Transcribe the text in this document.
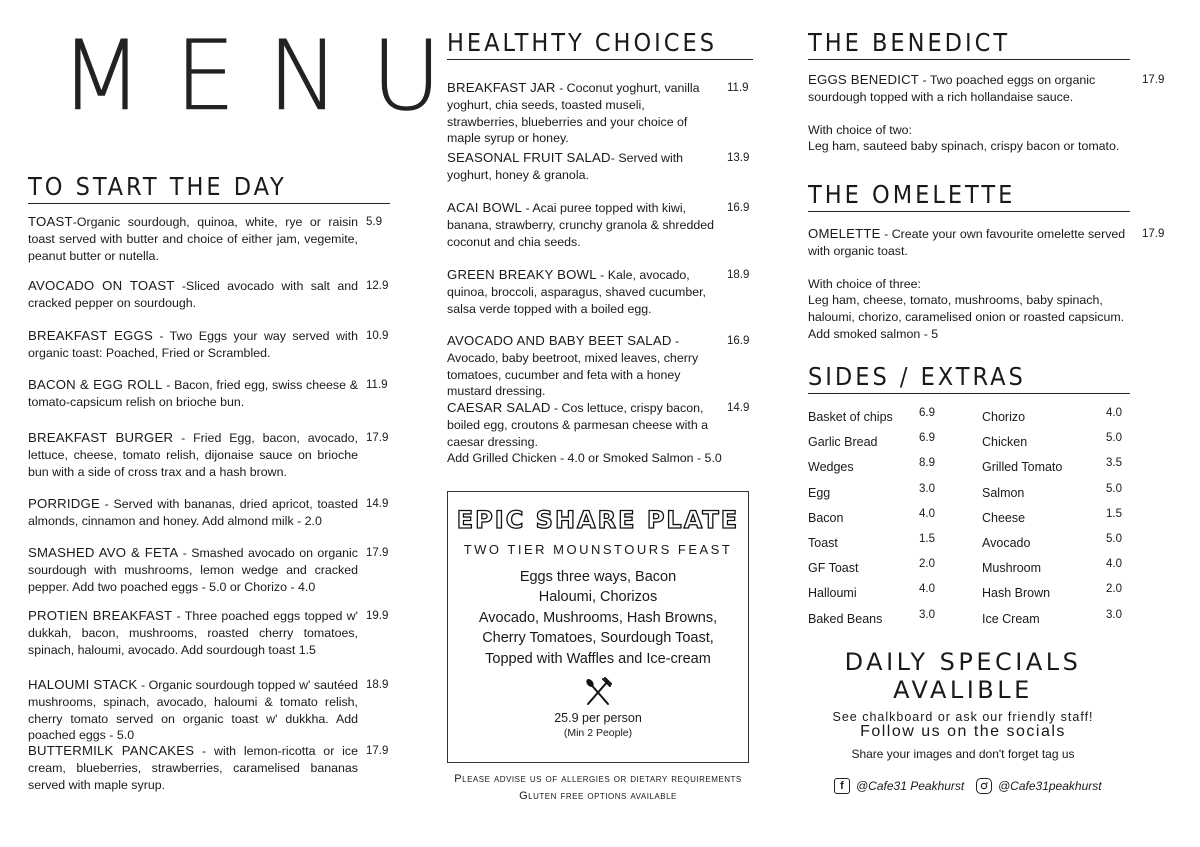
MENU
TO START THE DAY
TOAST-Organic sourdough, quinoa, white, rye or raisin toast served with butter and choice of either jam, vegemite, peanut butter or nutella.
5.9
AVOCADO ON TOAST -Sliced avocado with salt and cracked pepper on sourdough.
12.9
BREAKFAST EGGS - Two Eggs your way served with organic toast: Poached, Fried or Scrambled.
10.9
BACON & EGG ROLL - Bacon, fried egg, swiss cheese & tomato-capsicum relish on brioche bun.
11.9
BREAKFAST BURGER - Fried Egg, bacon, avocado, lettuce, cheese, tomato relish, dijonaise sauce on brioche bun with a side of cross trax and a hash brown.
17.9
PORRIDGE - Served with bananas, dried apricot, toasted almonds, cinnamon and honey. Add almond milk - 2.0
14.9
SMASHED AVO & FETA - Smashed avocado on organic sourdough with mushrooms, lemon wedge and cracked pepper. Add two poached eggs - 5.0 or Chorizo - 4.0
17.9
PROTIEN BREAKFAST - Three poached eggs topped w' dukkah, bacon, mushrooms, roasted cherry tomatoes, spinach, haloumi, avocado. Add sourdough toast 1.5
19.9
HALOUMI STACK - Organic sourdough topped w' sautéed mushrooms, spinach, avocado, haloumi & tomato relish, cherry tomato served on organic toast w' dukkha. Add poached eggs - 5.0
18.9
BUTTERMILK PANCAKES - with lemon-ricotta or ice cream, blueberries, strawberries, caramelised bananas served with maple syrup.
17.9
HEALTHTY CHOICES
BREAKFAST JAR - Coconut yoghurt, vanilla yoghurt, chia seeds, toasted museli, strawberries, blueberries and your choice of maple syrup or honey.
11.9
SEASONAL FRUIT SALAD- Served with yoghurt, honey & granola.
13.9
ACAI BOWL - Acai puree topped with kiwi, banana, strawberry, crunchy granola & shredded coconut and chia seeds.
16.9
GREEN BREAKY BOWL - Kale, avocado, quinoa, broccoli, asparagus, shaved cucumber, salsa verde topped with a boiled egg.
18.9
AVOCADO AND BABY BEET SALAD - Avocado, baby beetroot, mixed leaves, cherry tomatoes, cucumber and feta with a honey mustard dressing.
16.9
CAESAR SALAD - Cos lettuce, crispy bacon, boiled egg, croutons & parmesan cheese with a caesar dressing.
14.9
Add Grilled Chicken - 4.0 or Smoked Salmon - 5.0
EPIC SHARE PLATE
TWO TIER MOUNSTOURS FEAST
Eggs three ways, Bacon
Haloumi, Chorizos
Avocado, Mushrooms, Hash Browns,
Cherry Tomatoes, Sourdough Toast,
Topped with Waffles and Ice-cream
25.9 per person
(Min 2 People)
Please advise us of allergies or dietary requirements
Gluten free options available
THE BENEDICT
EGGS BENEDICT - Two poached eggs on organic sourdough topped with a rich hollandaise sauce.
17.9
With choice of two:
Leg ham, sauteed baby spinach, crispy bacon or tomato.
THE OMELETTE
OMELETTE - Create your own favourite omelette served with organic toast.
17.9
With choice of three:
Leg ham, cheese, tomato, mushrooms, baby spinach, haloumi, chorizo, caramelised onion or roasted capsicum.
Add smoked salmon - 5
SIDES / EXTRAS
Basket of chips 6.9
Garlic Bread	6.9
Wedges	8.9
Egg	3.0
Bacon	4.0
Toast	1.5
GF Toast	2.0
Halloumi	4.0
Baked Beans	3.0
Chorizo	4.0
Chicken	5.0
Grilled Tomato	3.5
Salmon	5.0
Cheese	1.5
Avocado	5.0
Mushroom	4.0
Hash Brown	2.0
Ice Cream	3.0
DAILY SPECIALS AVALIBLE
See chalkboard or ask our friendly staff!
Follow us on the socials
Share your images and don't forget tag us
f	@Cafe31 Peakhurst	@Cafe31peakhurst
